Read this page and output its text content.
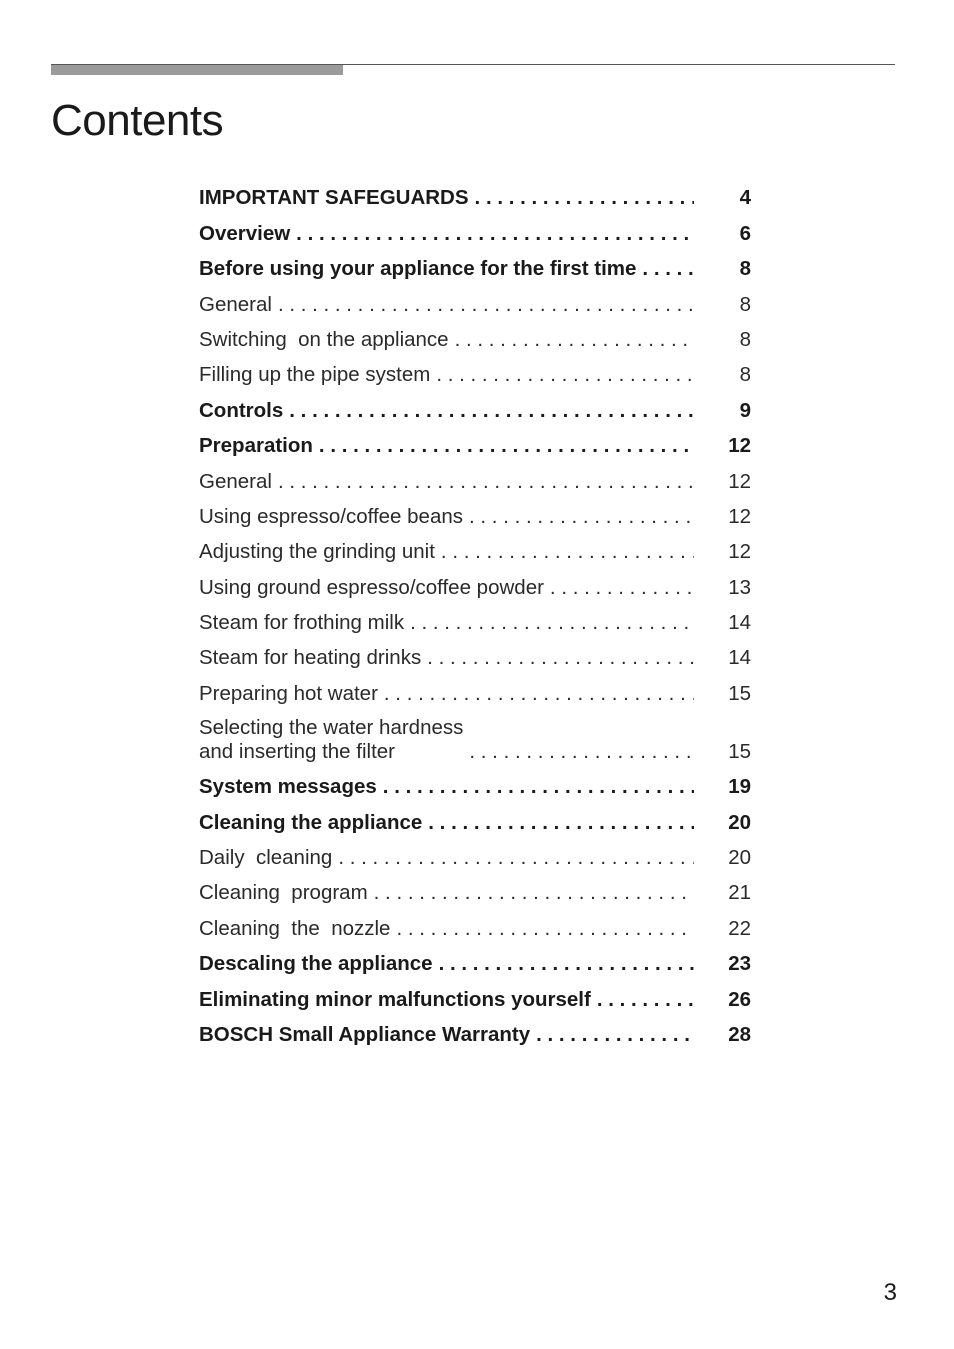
Contents
IMPORTANT SAFEGUARDS . . .	4
Overview . . .	6
Before using your appliance for the first time . . .	8
General . . .	8
Switching  on the appliance . . .	8
Filling up the pipe system . . .	8
Controls . . .	9
Preparation . . .	12
General . . .	12
Using espresso/coffee beans . . .	12
Adjusting the grinding unit . . .	12
Using ground espresso/coffee powder . . .	13
Steam for frothing milk . . .	14
Steam for heating drinks . . .	14
Preparing hot water . . .	15
Selecting the water hardness
and inserting the filter . . .	15
System messages . . .	19
Cleaning the appliance . . .	20
Daily  cleaning . . .	20
Cleaning  program . . .	21
Cleaning  the  nozzle . . .	22
Descaling the appliance . . .	23
Eliminating minor malfunctions yourself . . .	26
BOSCH Small Appliance Warranty . . .	28
3
